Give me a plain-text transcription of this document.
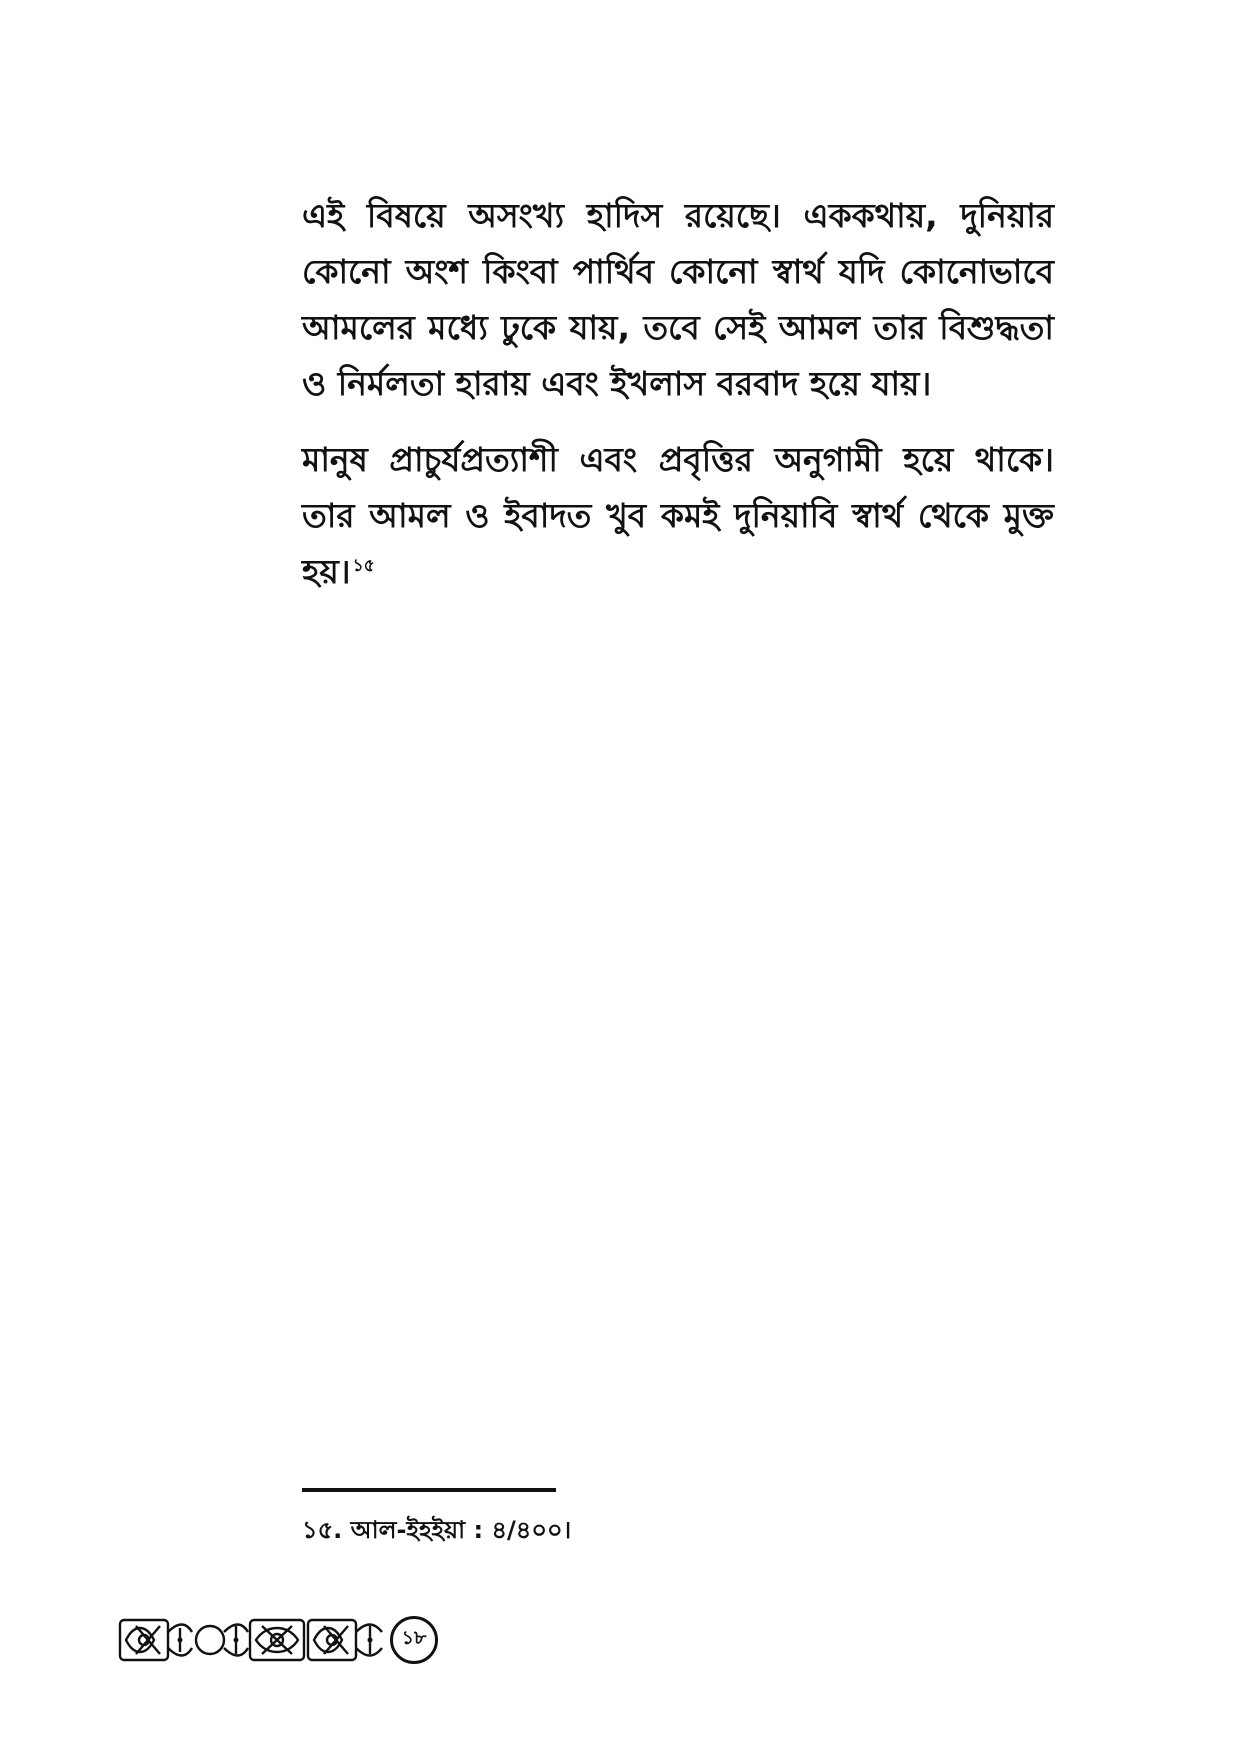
এই বিষয়ে অসংখ্য হাদিস রয়েছে। এককথায়, দুনিয়ার কোনো অংশ কিংবা পার্থিব কোনো স্বার্থ যদি কোনোভাবে আমলের মধ্যে ঢুকে যায়, তবে সেই আমল তার বিশুদ্ধতা ও নির্মলতা হারায় এবং ইখলাস বরবাদ হয়ে যায়।

মানুষ প্রাচুর্যপ্রত্যাশী এবং প্রবৃত্তির অনুগামী হয়ে থাকে। তার আমল ও ইবাদত খুব কমই দুনিয়াবি স্বার্থ থেকে মুক্ত হয়। $^{১৫}$

১৫. আল-ইহইয়া : ৪/৪০০।
১৮
